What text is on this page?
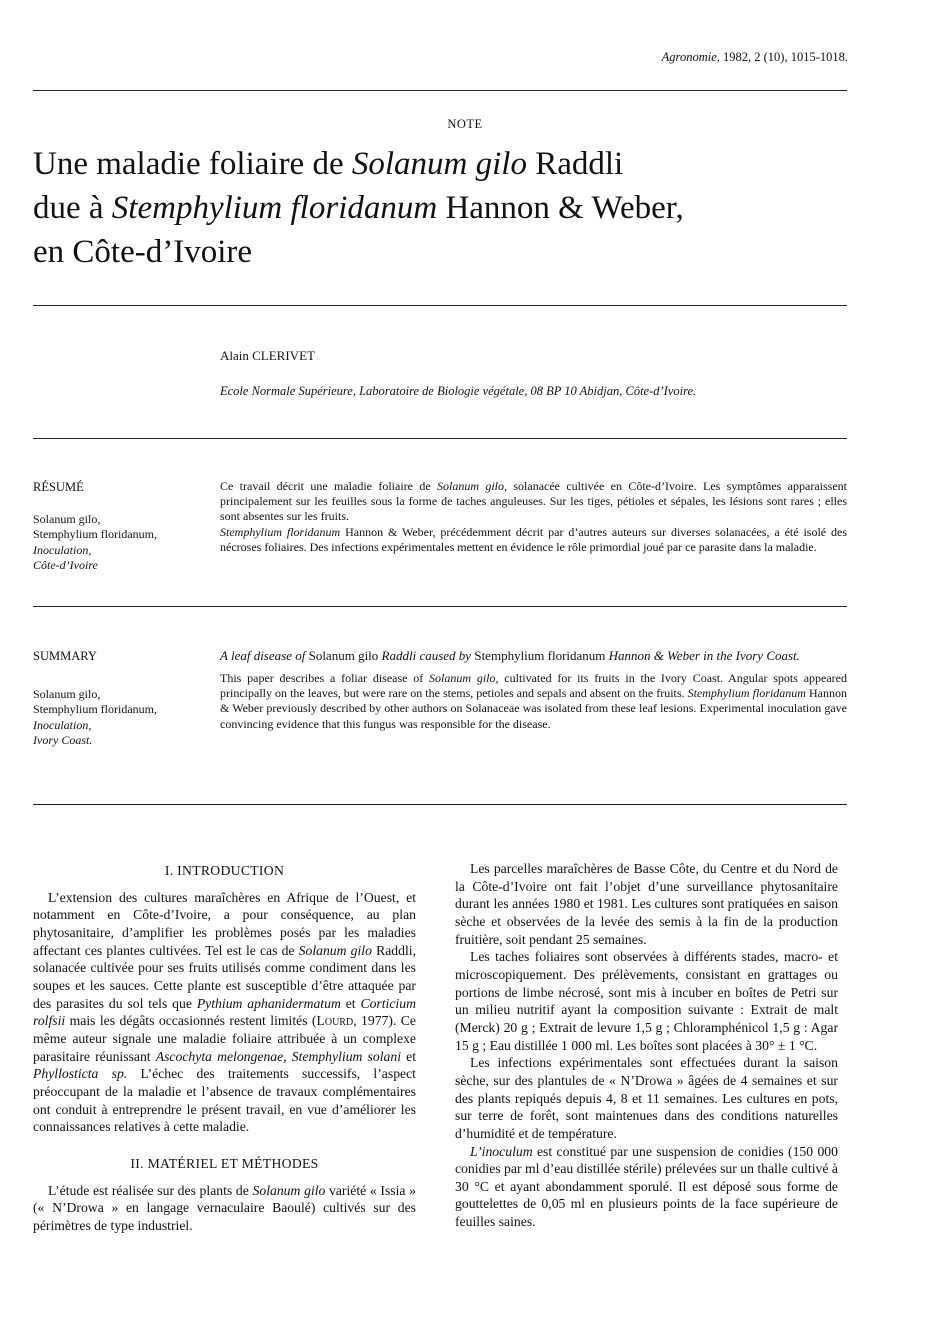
Agronomie, 1982, 2 (10), 1015-1018.
NOTE
Une maladie foliaire de Solanum gilo Raddli
due à Stemphylium floridanum Hannon & Weber,
en Côte-d’Ivoire
Alain CLERIVET
Ecole Normale Supérieure, Laboratoire de Biologie végétale, 08 BP 10 Abidjan, Côte-d’Ivoire.
RÉSUMÉ
Solanum gilo,
Stemphylium floridanum,
Inoculation,
Côte-d’Ivoire

Ce travail décrit une maladie foliaire de Solanum gilo, solanacée cultivée en Côte-d’Ivoire. Les symptômes apparaissent principalement sur les feuilles sous la forme de taches anguleuses. Sur les tiges, pétioles et sépales, les lésions sont rares ; elles sont absentes sur les fruits.

Stemphylium floridanum Hannon & Weber, précédemment décrit par d’autres auteurs sur diverses solanacées, a été isolé des nécroses foliaires. Des infections expérimentales mettent en évidence le rôle primordial joué par ce parasite dans la maladie.

SUMMARY
Solanum gilo,
Stemphylium floridanum,
Inoculation,
Ivory Coast.

A leaf disease of Solanum gilo Raddli caused by Stemphylium floridanum Hannon & Weber in the Ivory Coast.

This paper describes a foliar disease of Solanum gilo, cultivated for its fruits in the Ivory Coast. Angular spots appeared principally on the leaves, but were rare on the stems, petioles and sepals and absent on the fruits. Stemphylium floridanum Hannon & Weber previously described by other authors on Solanaceae was isolated from these leaf lesions. Experimental inoculation gave convincing evidence that this fungus was responsible for the disease.

I. INTRODUCTION

L’extension des cultures maraîchères en Afrique de l’Ouest, et notamment en Côte-d’Ivoire, a pour conséquence, au plan phytosanitaire, d’amplifier les problèmes posés par les maladies affectant ces plantes cultivées. Tel est le cas de Solanum gilo Raddli, solanacée cultivée pour ses fruits utilisés comme condiment dans les soupes et les sauces. Cette plante est susceptible d’être attaquée par des parasites du sol tels que Pythium aphanidermatum et Corticium rolfsii mais les dégâts occasionnés restent limités (Lourd, 1977). Ce même auteur signale une maladie foliaire attribuée à un complexe parasitaire réunissant Ascochyta melongenae, Stemphylium solani et Phyllosticta sp. L’échec des traitements successifs, l’aspect préoccupant de la maladie et l’absence de travaux complémentaires ont conduit à entreprendre le présent travail, en vue d’améliorer les connaissances relatives à cette maladie.

II. MATÉRIEL ET MÉTHODES

L’étude est réalisée sur des plants de Solanum gilo variété « Issia » (« N’Drowa » en langage vernaculaire Baoulé) cultivés sur des périmètres de type industriel.

Les parcelles maraîchères de Basse Côte, du Centre et du Nord de la Côte-d’Ivoire ont fait l’objet d’une surveillance phytosanitaire durant les années 1980 et 1981. Les cultures sont pratiquées en saison sèche et observées de la levée des semis à la fin de la production fruitière, soit pendant 25 semaines.

Les taches foliaires sont observées à différents stades, macro- et microscopiquement. Des prélèvements, consistant en grattages ou portions de limbe nécrosé, sont mis à incuber en boîtes de Petri sur un milieu nutritif ayant la composition suivante : Extrait de malt (Merck) 20 g ; Extrait de levure 1,5 g ; Chloramphénicol 1,5 g : Agar 15 g ; Eau distillée 1 000 ml. Les boîtes sont placées à 30° ± 1 °C.

Les infections expérimentales sont effectuées durant la saison sèche, sur des plantules de « N’Drowa » âgées de 4 semaines et sur des plants repiqués depuis 4, 8 et 11 semaines. Les cultures en pots, sur terre de forêt, sont maintenues dans des conditions naturelles d’humidité et de température.

L’inoculum est constitué par une suspension de conidies (150 000 conidies par ml d’eau distillée stérile) prélevées sur un thalle cultivé à 30 °C et ayant abondamment sporulé. Il est déposé sous forme de gouttelettes de 0,05 ml en plusieurs points de la face supérieure de feuilles saines.
